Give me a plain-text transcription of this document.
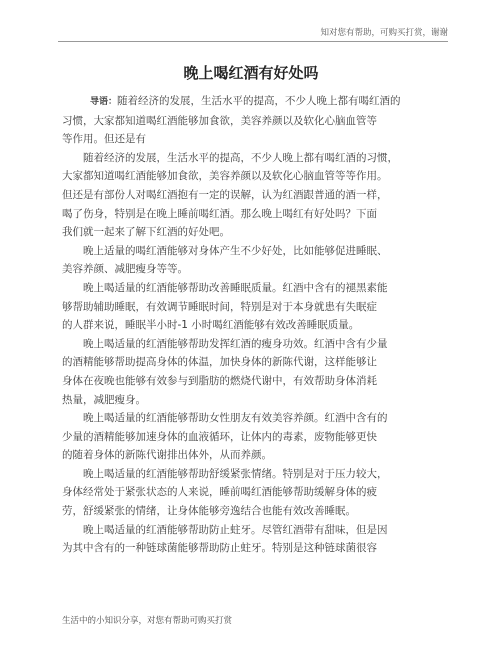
知对您有帮助，可购买打赏，谢谢
晚上喝红酒有好处吗

导语：随着经济的发展，生活水平的提高，不少人晚上都有喝红酒的

习惯，大家都知道喝红酒能够加食欲，美容养颜以及软化心脑血管等

等作用。但还是有

　　随着经济的发展，生活水平的提高，不少人晚上都有喝红酒的习惯，

大家都知道喝红酒能够加食欲，美容养颜以及软化心脑血管等等作用。

但还是有部份人对喝红酒抱有一定的误解，认为红酒跟普通的酒一样，

喝了伤身，特别是在晚上睡前喝红酒。那么晚上喝红有好处吗？下面

我们就一起来了解下红酒的好处吧。

　　晚上适量的喝红酒能够对身体产生不少好处，比如能够促进睡眠、

美容养颜、减肥瘦身等等。

　　晚上喝适量的红酒能够帮助改善睡眠质量。红酒中含有的褪黑素能

够帮助辅助睡眠，有效调节睡眠时间，特别是对于本身就患有失眠症

的人群来说，睡眠半小时-1 小时喝红酒能够有效改善睡眠质量。

　　晚上喝适量的红酒能够帮助发挥红酒的瘦身功效。红酒中含有少量

的酒精能够帮助提高身体的体温，加快身体的新陈代谢，这样能够让

身体在夜晚也能够有效参与到脂肪的燃烧代谢中，有效帮助身体消耗

热量，减肥瘦身。

　　晚上喝适量的红酒能够帮助女性朋友有效美容养颜。红酒中含有的

少量的酒精能够加速身体的血液循环，让体内的毒素，废物能够更快

的随着身体的新陈代谢排出体外，从而养颜。

　　晚上喝适量的红酒能够帮助舒缓紧张情绪。特别是对于压力较大，

身体经常处于紧张状态的人来说，睡前喝红酒能够帮助缓解身体的疲

劳，舒缓紧张的情绪，让身体能够旁逸结合也能有效改善睡眠。

　　晚上喝适量的红酒能够帮助防止蛀牙。尽管红酒带有甜味，但是因

为其中含有的一种链球菌能够帮助防止蛀牙。特别是这种链球菌很容

生活中的小知识分享，对您有帮助可购买打赏
